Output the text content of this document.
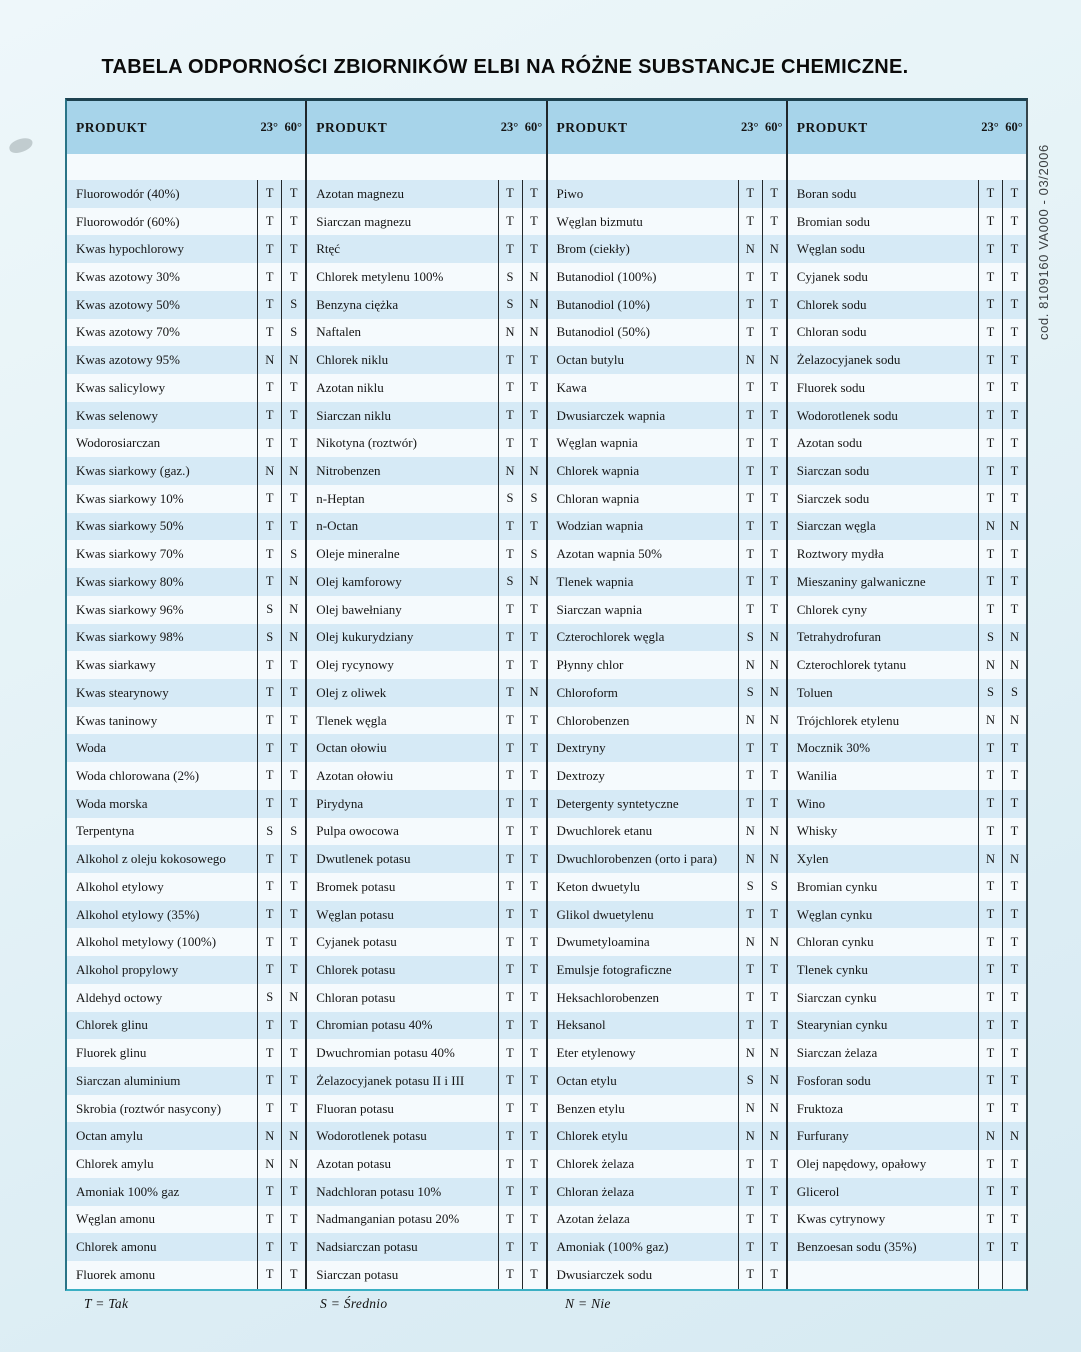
TABELA ODPORNOŚCI ZBIORNIKÓW ELBI NA RÓŻNE SUBSTANCJE CHEMICZNE.
PRODUKT	23° 60°
Fluorowodór (40%)	T	T
Fluorowodór (60%)	T	T
Kwas hypochlorowy	T	T
Kwas azotowy 30%	T	T
Kwas azotowy 50%	T	S
Kwas azotowy 70%	T	S
Kwas azotowy 95%	N	N
Kwas salicylowy	T	T
Kwas selenowy	T	T
Wodorosiarczan	T	T
Kwas siarkowy (gaz.)	N	N
Kwas siarkowy 10%	T	T
Kwas siarkowy 50%	T	T
Kwas siarkowy 70%	T	S
Kwas siarkowy 80%	T	N
Kwas siarkowy 96%	S	N
Kwas siarkowy 98%	S	N
Kwas siarkawy	T	T
Kwas stearynowy	T	T
Kwas taninowy	T	T
Woda	T	T
Woda chlorowana (2%)	T	T
Woda morska	T	T
Terpentyna	S	S
Alkohol z oleju kokosowego	T	T
Alkohol etylowy	T	T
Alkohol etylowy (35%)	T	T
Alkohol metylowy (100%)	T	T
Alkohol propylowy	T	T
Aldehyd octowy	S	N
Chlorek glinu	T	T
Fluorek glinu	T	T
Siarczan aluminium	T	T
Skrobia (roztwór nasycony)	T	T
Octan amylu	N	N
Chlorek amylu	N	N
Amoniak 100% gaz	T	T
Węglan amonu	T	T
Chlorek amonu	T	T
Fluorek amonu	T	T
PRODUKT	23° 60°
Azotan magnezu	T	T
Siarczan magnezu	T	T
Rtęć	T	T
Chlorek metylenu 100%	S	N
Benzyna ciężka	S	N
Naftalen	N	N
Chlorek niklu	T	T
Azotan niklu	T	T
Siarczan niklu	T	T
Nikotyna (roztwór)	T	T
Nitrobenzen	N	N
n-Heptan	S	S
n-Octan	T	T
Oleje mineralne	T	S
Olej kamforowy	S	N
Olej bawełniany	T	T
Olej kukurydziany	T	T
Olej rycynowy	T	T
Olej z oliwek	T	N
Tlenek węgla	T	T
Octan ołowiu	T	T
Azotan ołowiu	T	T
Pirydyna	T	T
Pulpa owocowa	T	T
Dwutlenek potasu	T	T
Bromek potasu	T	T
Węglan potasu	T	T
Cyjanek potasu	T	T
Chlorek potasu	T	T
Chloran potasu	T	T
Chromian potasu 40%	T	T
Dwuchromian potasu 40%	T	T
Żelazocyjanek potasu II i III	T	T
Fluoran potasu	T	T
Wodorotlenek potasu	T	T
Azotan potasu	T	T
Nadchloran potasu 10%	T	T
Nadmanganian potasu 20%	T	T
Nadsiarczan potasu	T	T
Siarczan potasu	T	T
PRODUKT	23° 60°
Piwo	T	T
Węglan bizmutu	T	T
Brom (ciekły)	N	N
Butanodiol (100%)	T	T
Butanodiol (10%)	T	T
Butanodiol (50%)	T	T
Octan butylu	N	N
Kawa	T	T
Dwusiarczek wapnia	T	T
Węglan wapnia	T	T
Chlorek wapnia	T	T
Chloran wapnia	T	T
Wodzian wapnia	T	T
Azotan wapnia 50%	T	T
Tlenek wapnia	T	T
Siarczan wapnia	T	T
Czterochlorek węgla	S	N
Płynny chlor	N	N
Chloroform	S	N
Chlorobenzen	N	N
Dextryny	T	T
Dextrozy	T	T
Detergenty syntetyczne	T	T
Dwuchlorek etanu	N	N
Dwuchlorobenzen (orto i para)	N	N
Keton dwuetylu	S	S
Glikol dwuetylenu	T	T
Dwumetyloamina	N	N
Emulsje fotograficzne	T	T
Heksachlorobenzen	T	T
Heksanol	T	T
Eter etylenowy	N	N
Octan etylu	S	N
Benzen etylu	N	N
Chlorek etylu	N	N
Chlorek żelaza	T	T
Chloran żelaza	T	T
Azotan żelaza	T	T
Amoniak (100% gaz)	T	T
Dwusiarczek sodu	T	T
PRODUKT	23° 60°
Boran sodu	T	T
Bromian sodu	T	T
Węglan sodu	T	T
Cyjanek sodu	T	T
Chlorek sodu	T	T
Chloran sodu	T	T
Żelazocyjanek sodu	T	T
Fluorek sodu	T	T
Wodorotlenek sodu	T	T
Azotan sodu	T	T
Siarczan sodu	T	T
Siarczek sodu	T	T
Siarczan węgla	N	N
Roztwory mydła	T	T
Mieszaniny galwaniczne	T	T
Chlorek cyny	T	T
Tetrahydrofuran	S	N
Czterochlorek tytanu	N	N
Toluen	S	S
Trójchlorek etylenu	N	N
Mocznik 30%	T	T
Wanilia	T	T
Wino	T	T
Whisky	T	T
Xylen	N	N
Bromian cynku	T	T
Węglan cynku	T	T
Chloran cynku	T	T
Tlenek cynku	T	T
Siarczan cynku	T	T
Stearynian cynku	T	T
Siarczan żelaza	T	T
Fosforan sodu	T	T
Fruktoza	T	T
Furfurany	N	N
Olej napędowy, opałowy	T	T
Glicerol	T	T
Kwas cytrynowy	T	T
Benzoesan sodu (35%)	T	T
T = Tak	S = Średnio	N = Nie
cod. 8109160 VA000 - 03/2006
